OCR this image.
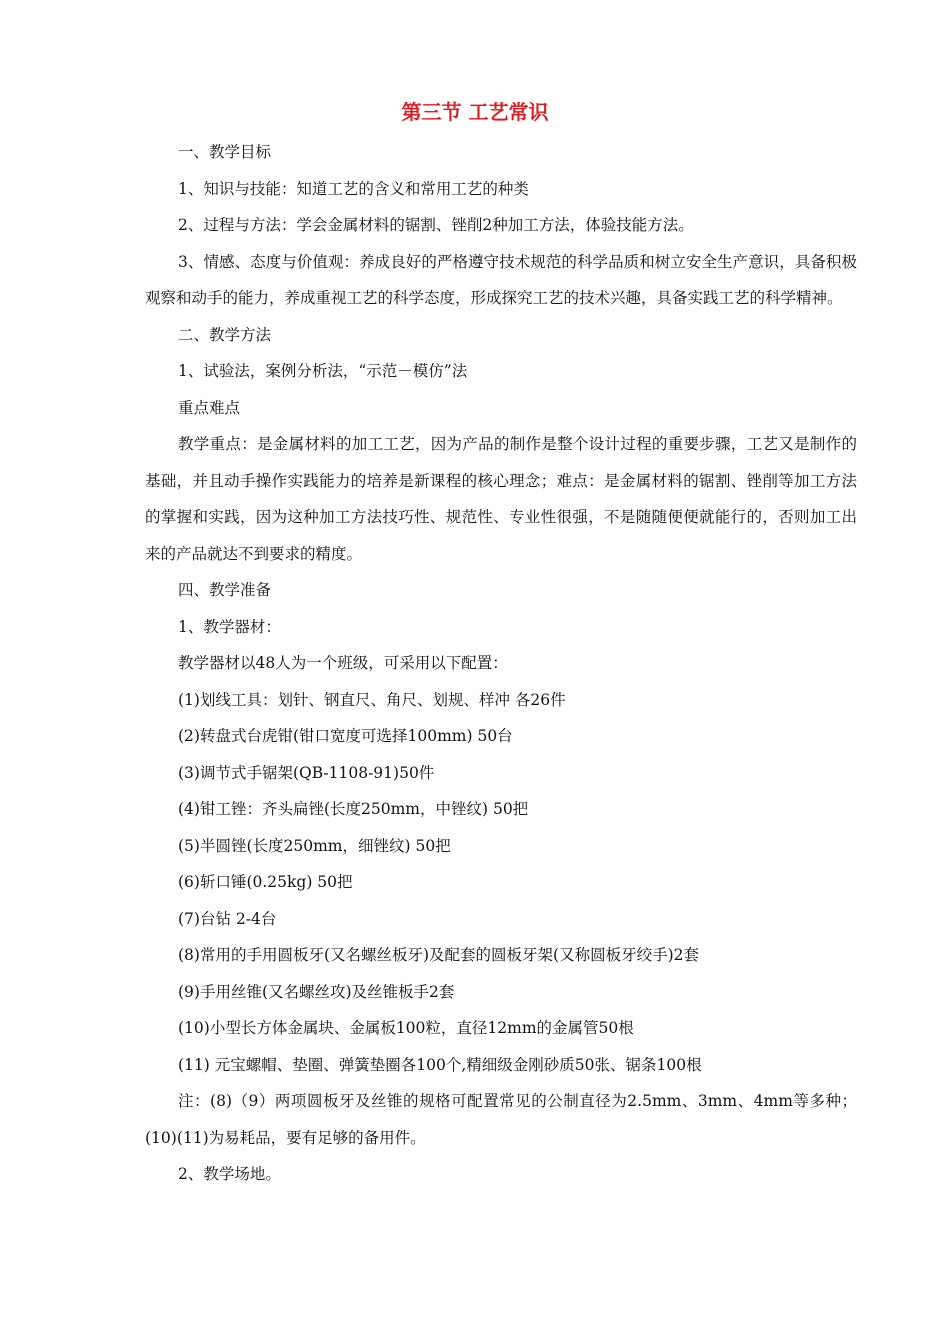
第三节 工艺常识

一、教学目标

1、知识与技能：知道工艺的含义和常用工艺的种类

2、过程与方法：学会金属材料的锯割、锉削2种加工方法，体验技能方法。

3、情感、态度与价值观：养成良好的严格遵守技术规范的科学品质和树立安全生产意识，具备积极观察和动手的能力，养成重视工艺的科学态度，形成探究工艺的技术兴趣，具备实践工艺的科学精神。

二、教学方法

1、试验法，案例分析法，“示范－模仿”法

重点难点

教学重点：是金属材料的加工工艺，因为产品的制作是整个设计过程的重要步骤，工艺又是制作的基础，并且动手操作实践能力的培养是新课程的核心理念；难点：是金属材料的锯割、锉削等加工方法的掌握和实践，因为这种加工方法技巧性、规范性、专业性很强，不是随随便便就能行的，否则加工出来的产品就达不到要求的精度。

四、教学准备

1、教学器材：

教学器材以48人为一个班级，可采用以下配置：

(1)划线工具：划针、钢直尺、角尺、划规、样冲 各26件

(2)转盘式台虎钳(钳口宽度可选择100mm) 50台

(3)调节式手锯架(QB-1108-91)50件

(4)钳工锉：齐头扁锉(长度250mm，中锉纹) 50把

(5)半圆锉(长度250mm，细锉纹) 50把

(6)斩口锤(0.25kg) 50把

(7)台钻 2-4台

(8)常用的手用圆板牙(又名螺丝板牙)及配套的圆板牙架(又称圆板牙绞手)2套

(9)手用丝锥(又名螺丝攻)及丝锥板手2套

(10)小型长方体金属块、金属板100粒，直径12mm的金属管50根

(11) 元宝螺帽、垫圈、弹簧垫圈各100个,精细级金刚砂质50张、锯条100根

注：(8)（9）两项圆板牙及丝锥的规格可配置常见的公制直径为2.5mm、3mm、4mm等多种；(10)(11)为易耗品，要有足够的备用件。

2、教学场地。
